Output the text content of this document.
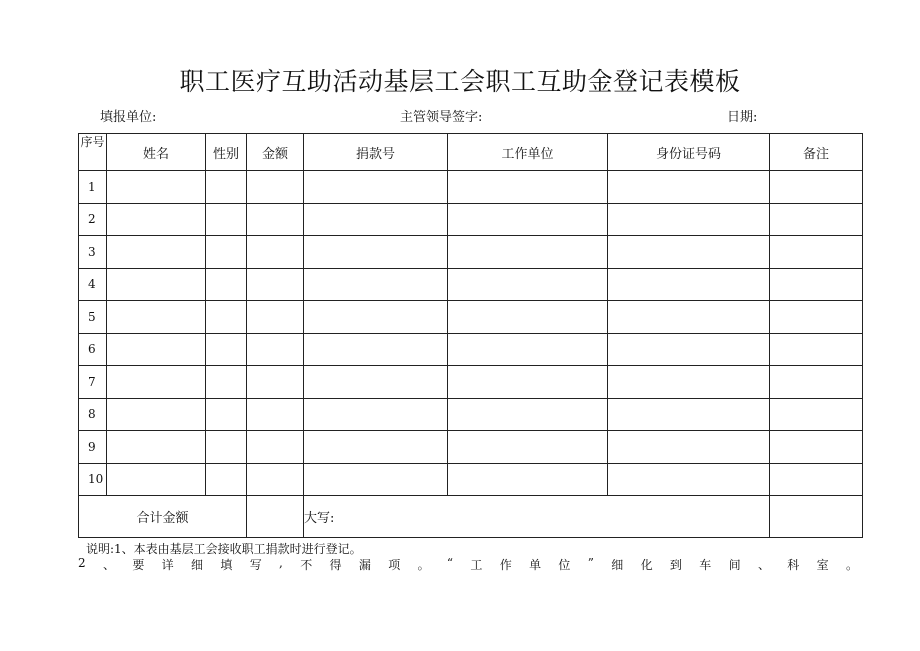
职工医疗互助活动基层工会职工互助金登记表模板
填报单位:	主管领导签字:	日期:
序号	姓名	性别	金额	捐款号	工作单位	身份证号码	备注
1							
2							
3							
4							
5							
6							
7							
8							
9							
10							
合计金额				大写:			

说明:1、本表由基层工会接收职工捐款时进行登记。

2 、 要 详 细 填 写 , 不 得 漏 项 。 “ 工 作 单 位 ” 细 化 到 车 间 、 科 室 。
